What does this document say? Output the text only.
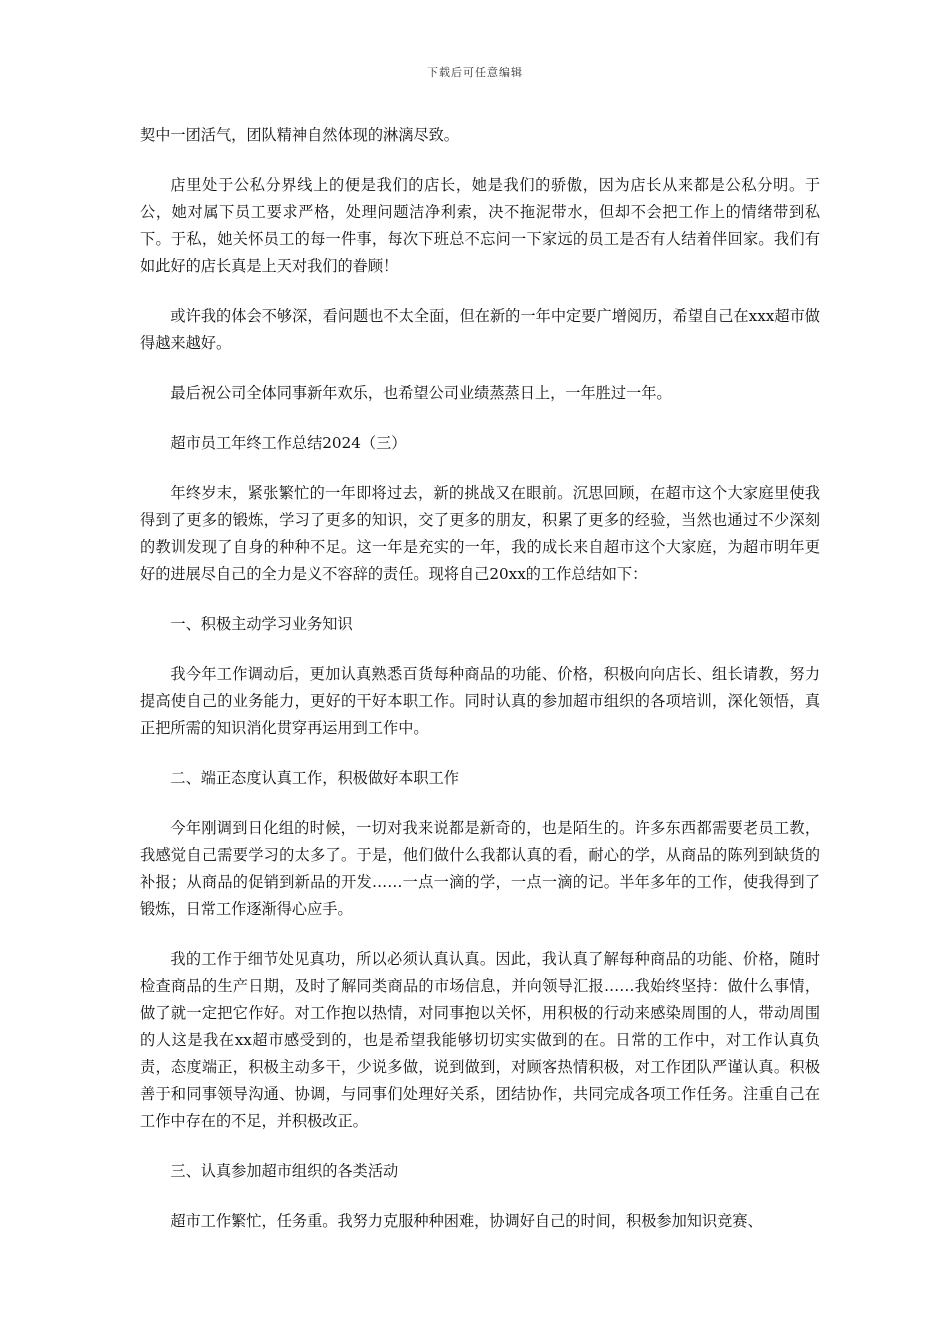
下载后可任意编辑

契中一团活气，团队精神自然体现的淋漓尽致。

店里处于公私分界线上的便是我们的店长，她是我们的骄傲，因为店长从来都是公私分明。于公，她对属下员工要求严格，处理问题洁净利索，决不拖泥带水，但却不会把工作上的情绪带到私下。于私，她关怀员工的每一件事，每次下班总不忘问一下家远的员工是否有人结着伴回家。我们有如此好的店长真是上天对我们的眷顾！

或许我的体会不够深，看问题也不太全面，但在新的一年中定要广增阅历，希望自己在xxx超市做得越来越好。

最后祝公司全体同事新年欢乐，也希望公司业绩蒸蒸日上，一年胜过一年。

超市员工年终工作总结2024（三）

年终岁末，紧张繁忙的一年即将过去，新的挑战又在眼前。沉思回顾，在超市这个大家庭里使我得到了更多的锻炼，学习了更多的知识，交了更多的朋友，积累了更多的经验，当然也通过不少深刻的教训发现了自身的种种不足。这一年是充实的一年，我的成长来自超市这个大家庭，为超市明年更好的进展尽自己的全力是义不容辞的责任。现将自己20xx的工作总结如下：

一、积极主动学习业务知识

我今年工作调动后，更加认真熟悉百货每种商品的功能、价格，积极向向店长、组长请教，努力提高使自己的业务能力，更好的干好本职工作。同时认真的参加超市组织的各项培训，深化领悟，真正把所需的知识消化贯穿再运用到工作中。

二、端正态度认真工作，积极做好本职工作

今年刚调到日化组的时候，一切对我来说都是新奇的，也是陌生的。许多东西都需要老员工教，我感觉自己需要学习的太多了。于是，他们做什么我都认真的看，耐心的学，从商品的陈列到缺货的补报；从商品的促销到新品的开发……一点一滴的学，一点一滴的记。半年多年的工作，使我得到了锻炼，日常工作逐渐得心应手。

我的工作于细节处见真功，所以必须认真认真。因此，我认真了解每种商品的功能、价格，随时检查商品的生产日期，及时了解同类商品的市场信息，并向领导汇报……我始终坚持：做什么事情，做了就一定把它作好。对工作抱以热情，对同事抱以关怀，用积极的行动来感染周围的人，带动周围的人这是我在xx超市感受到的，也是希望我能够切切实实做到的在。日常的工作中，对工作认真负责，态度端正，积极主动多干，少说多做，说到做到，对顾客热情积极，对工作团队严谨认真。积极善于和同事领导沟通、协调，与同事们处理好关系，团结协作，共同完成各项工作任务。注重自己在工作中存在的不足，并积极改正。

三、认真参加超市组织的各类活动

超市工作繁忙，任务重。我努力克服种种困难，协调好自己的时间，积极参加知识竞赛、
